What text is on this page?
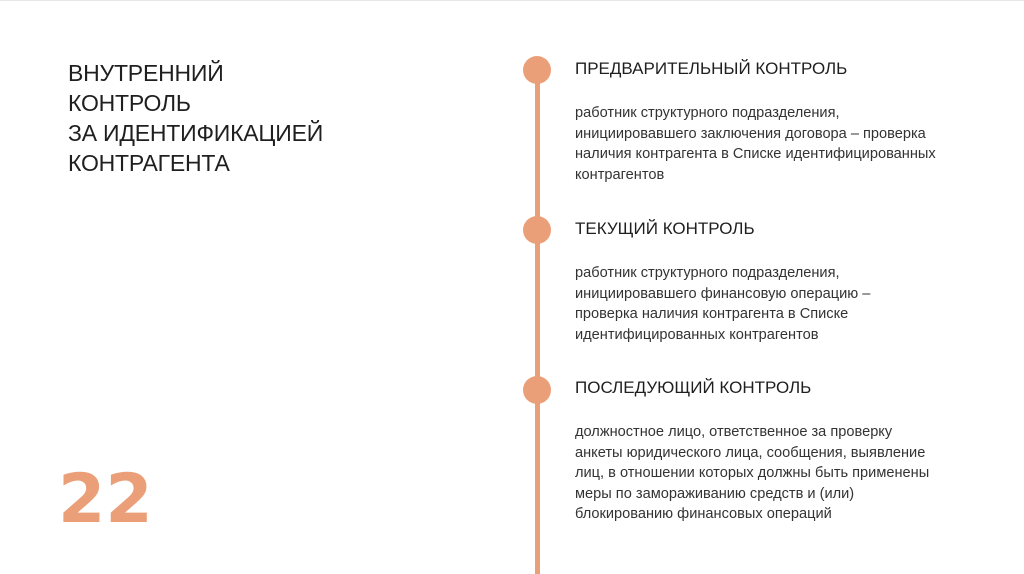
ВНУТРЕННИЙ
КОНТРОЛЬ
ЗА ИДЕНТИФИКАЦИЕЙ
КОНТРАГЕНТА
22
ПРЕДВАРИТЕЛЬНЫЙ КОНТРОЛЬ
работник структурного подразделения,
инициировавшего заключения договора – проверка
наличия контрагента в Списке идентифицированных
контрагентов
ТЕКУЩИЙ КОНТРОЛЬ
работник структурного подразделения,
инициировавшего финансовую операцию –
проверка наличия контрагента в Списке
идентифицированных контрагентов
ПОСЛЕДУЮЩИЙ КОНТРОЛЬ
должностное лицо, ответственное за проверку
анкеты юридического лица, сообщения, выявление
лиц, в отношении которых должны быть применены
меры по замораживанию средств и (или)
блокированию финансовых операций
